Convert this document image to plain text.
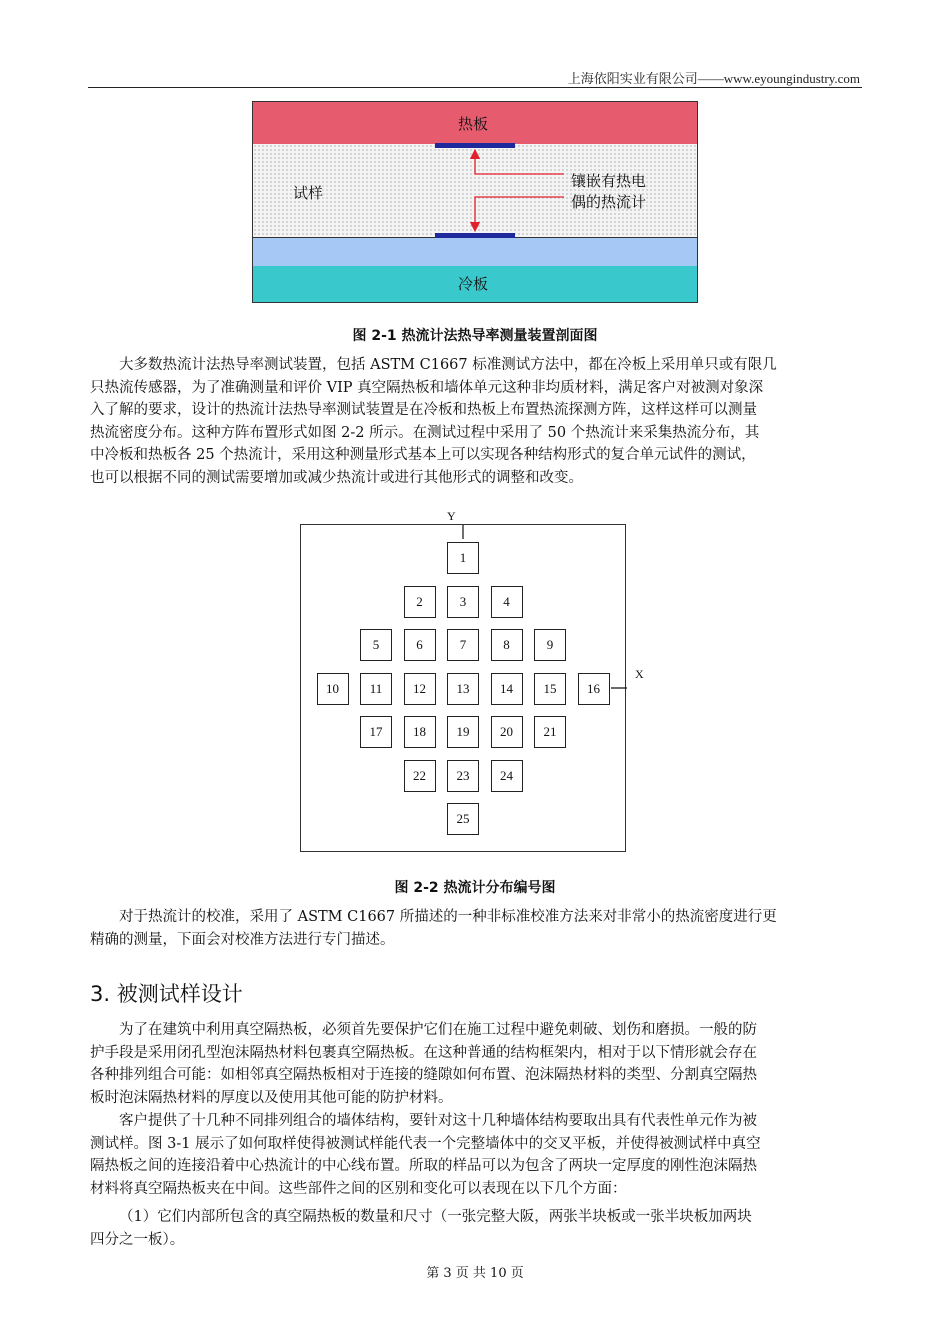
上海依阳实业有限公司——www.eyoungindustry.com
热板
试样
冷板
镶嵌有热电
偶的热流计
图 2-1 热流计法热导率测量装置剖面图
大多数热流计法热导率测试装置，包括 ASTM C1667 标准测试方法中，都在冷板上采用单只或有限几
只热流传感器，为了准确测量和评价 VIP 真空隔热板和墙体单元这种非均质材料，满足客户对被测对象深
入了解的要求，设计的热流计法热导率测试装置是在冷板和热板上布置热流探测方阵，这样这样可以测量
热流密度分布。这种方阵布置形式如图 2-2 所示。在测试过程中采用了 50 个热流计来采集热流分布，其
中冷板和热板各 25 个热流计，采用这种测量形式基本上可以实现各种结构形式的复合单元试件的测试，
也可以根据不同的测试需要增加或减少热流计或进行其他形式的调整和改变。
Y
X
1
2	3	4
5	6	7	8	9
10	11	12	13	14	15	16
17	18	19	20	21
22	23	24
25
图 2-2 热流计分布编号图
对于热流计的校准，采用了 ASTM C1667 所描述的一种非标准校准方法来对非常小的热流密度进行更
精确的测量，下面会对校准方法进行专门描述。
3. 被测试样设计
为了在建筑中利用真空隔热板，必须首先要保护它们在施工过程中避免刺破、划伤和磨损。一般的防
护手段是采用闭孔型泡沫隔热材料包裹真空隔热板。在这种普通的结构框架内，相对于以下情形就会存在
各种排列组合可能：如相邻真空隔热板相对于连接的缝隙如何布置、泡沫隔热材料的类型、分割真空隔热
板时泡沫隔热材料的厚度以及使用其他可能的防护材料。
客户提供了十几种不同排列组合的墙体结构，要针对这十几种墙体结构要取出具有代表性单元作为被
测试样。图 3-1 展示了如何取样使得被测试样能代表一个完整墙体中的交叉平板，并使得被测试样中真空
隔热板之间的连接沿着中心热流计的中心线布置。所取的样品可以为包含了两块一定厚度的刚性泡沫隔热
材料将真空隔热板夹在中间。这些部件之间的区别和变化可以表现在以下几个方面：
（1）它们内部所包含的真空隔热板的数量和尺寸（一张完整大阪，两张半块板或一张半块板加两块
四分之一板）。
第 3 页 共 10 页
